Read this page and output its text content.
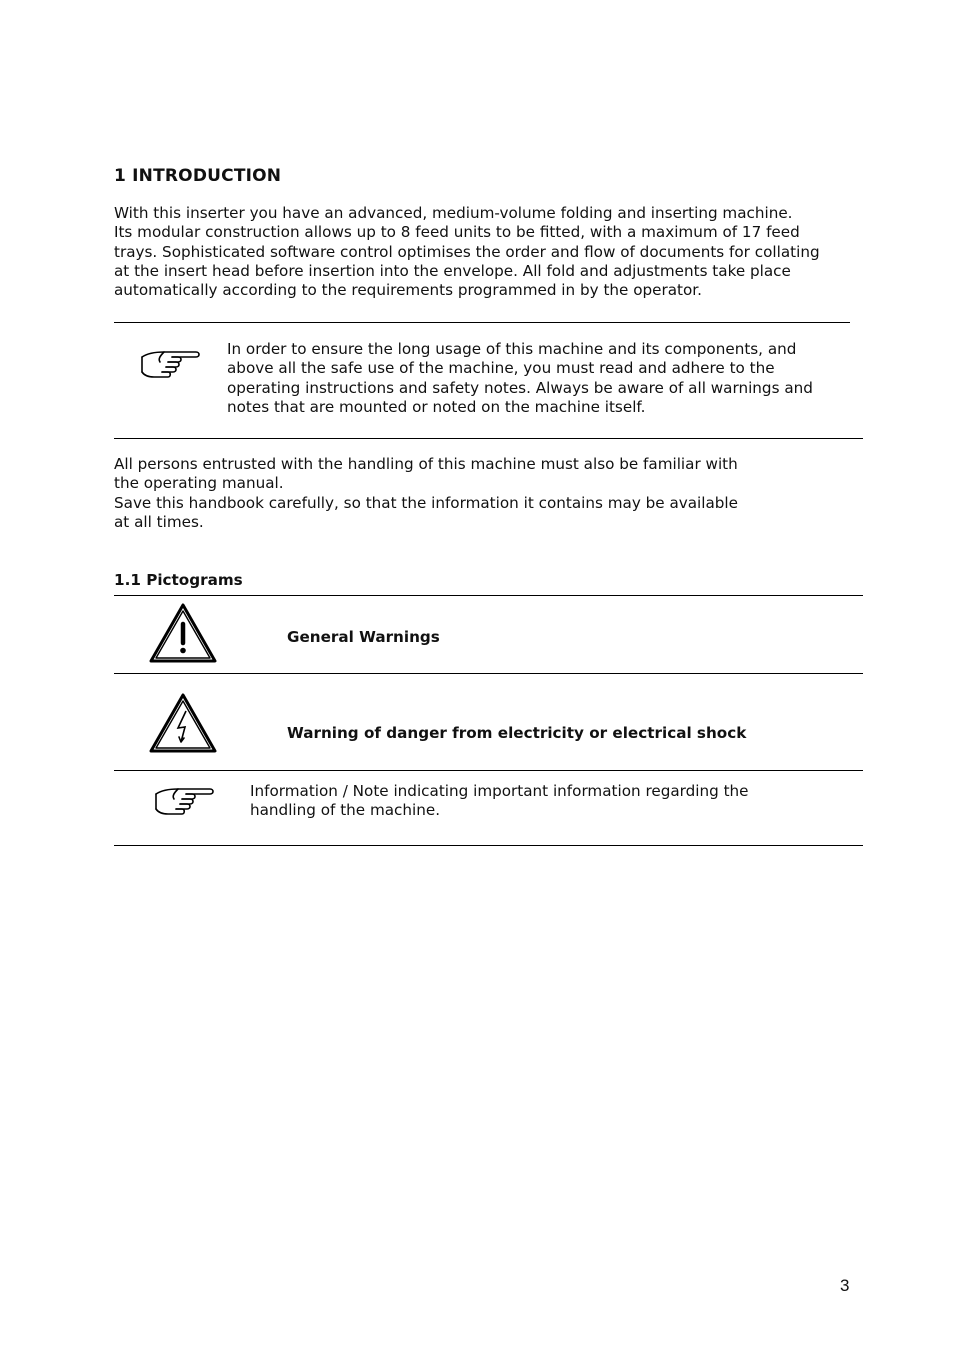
1 INTRODUCTION

With this inserter you have an advanced, medium-volume folding and inserting machine.

Its modular construction allows up to 8 feed units to be fitted, with a maximum of 17 feed

trays. Sophisticated software control optimises the order and flow of documents for collating

at the insert head before insertion into the envelope. All fold and adjustments take place

automatically according to the requirements programmed in by the operator.

In order to ensure the long usage of this machine and its components, and

above all the safe use of the machine, you must read and adhere to the

operating instructions and safety notes. Always be aware of all warnings and

notes that are mounted or noted on the machine itself.

All persons entrusted with the handling of this machine must also be familiar with

the operating manual.

Save this handbook carefully, so that the information it contains may be available

at all times.

1.1 Pictograms
General Warnings
Warning of danger from electricity or electrical shock

Information / Note indicating important information regarding the

handling of the machine.

3
